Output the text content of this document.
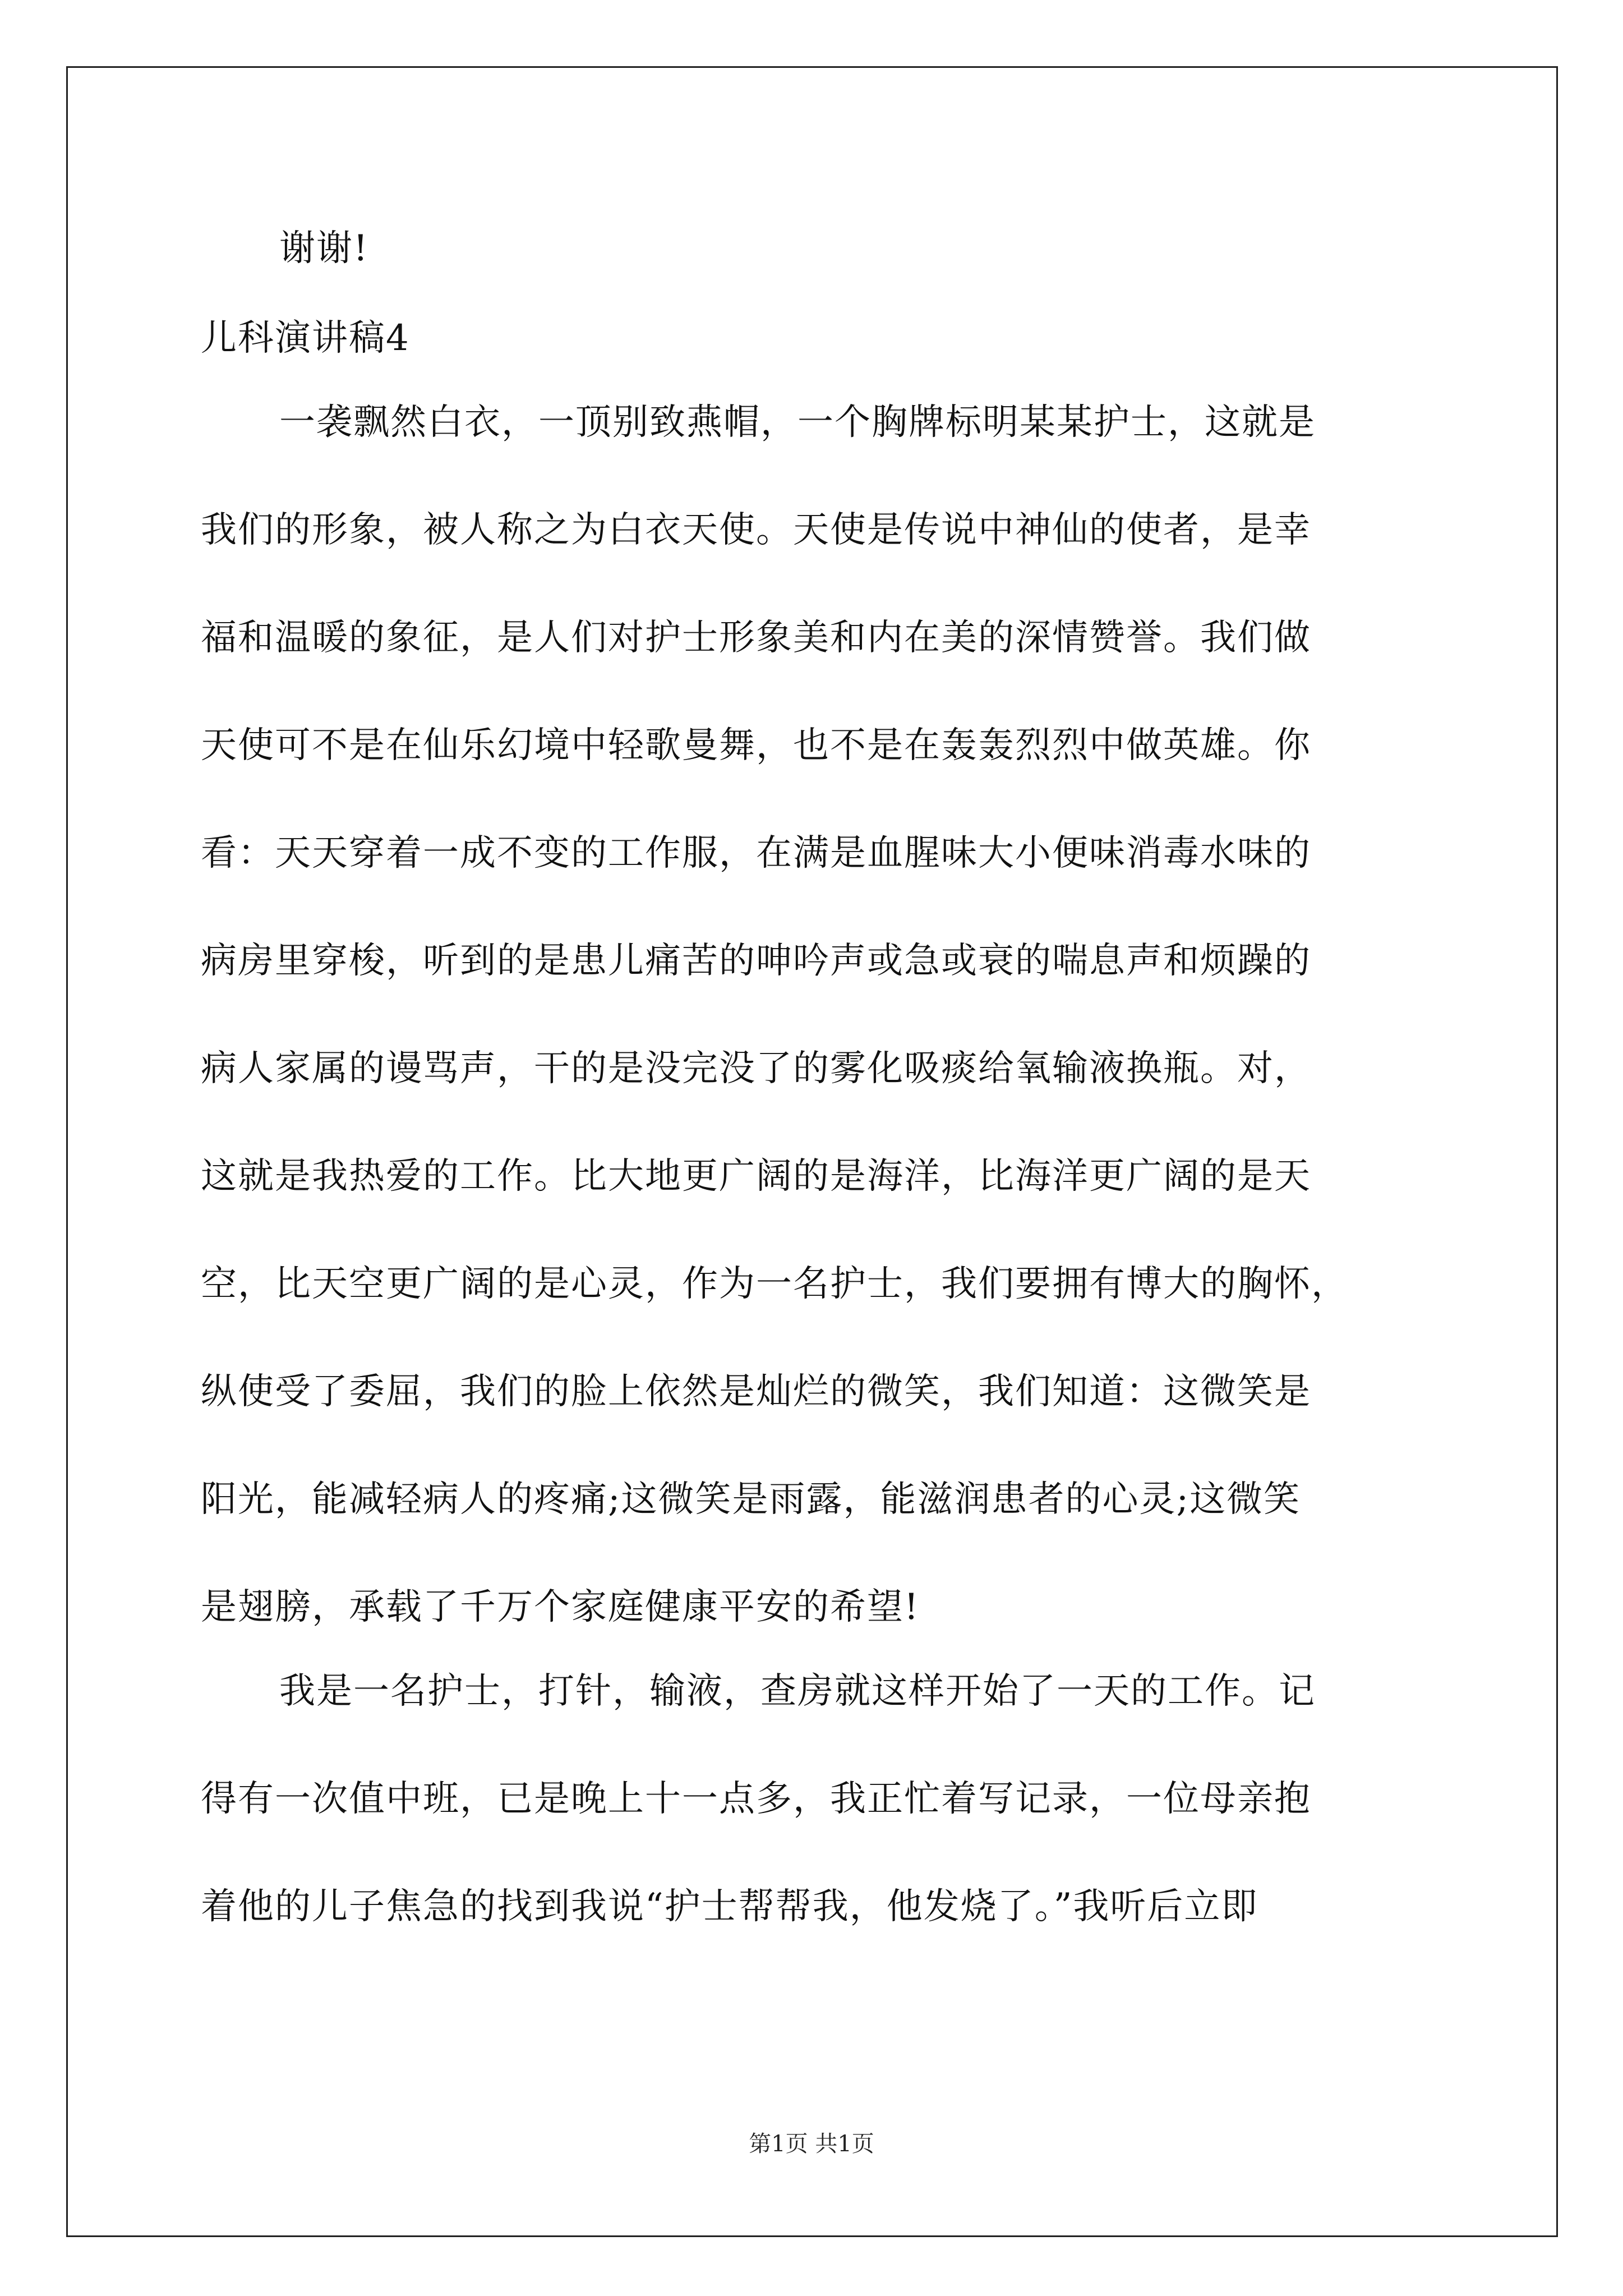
谢谢!
儿科演讲稿4
一袭飘然白衣，一顶别致燕帽，一个胸牌标明某某护士，这就是
我们的形象，被人称之为白衣天使。天使是传说中神仙的使者，是幸
福和温暖的象征，是人们对护士形象美和内在美的深情赞誉。我们做
天使可不是在仙乐幻境中轻歌曼舞，也不是在轰轰烈烈中做英雄。你
看：天天穿着一成不变的工作服，在满是血腥味大小便味消毒水味的
病房里穿梭，听到的是患儿痛苦的呻吟声或急或衰的喘息声和烦躁的
病人家属的谩骂声，干的是没完没了的雾化吸痰给氧输液换瓶。对，
这就是我热爱的工作。比大地更广阔的是海洋，比海洋更广阔的是天
空，比天空更广阔的是心灵，作为一名护士，我们要拥有博大的胸怀，
纵使受了委屈，我们的脸上依然是灿烂的微笑，我们知道：这微笑是
阳光，能减轻病人的疼痛;这微笑是雨露，能滋润患者的心灵;这微笑
是翅膀，承载了千万个家庭健康平安的希望!
我是一名护士，打针，输液，查房就这样开始了一天的工作。记
得有一次值中班，已是晚上十一点多，我正忙着写记录，一位母亲抱
着他的儿子焦急的找到我说“护士帮帮我，他发烧了。”我听后立即
第1页 共1页
